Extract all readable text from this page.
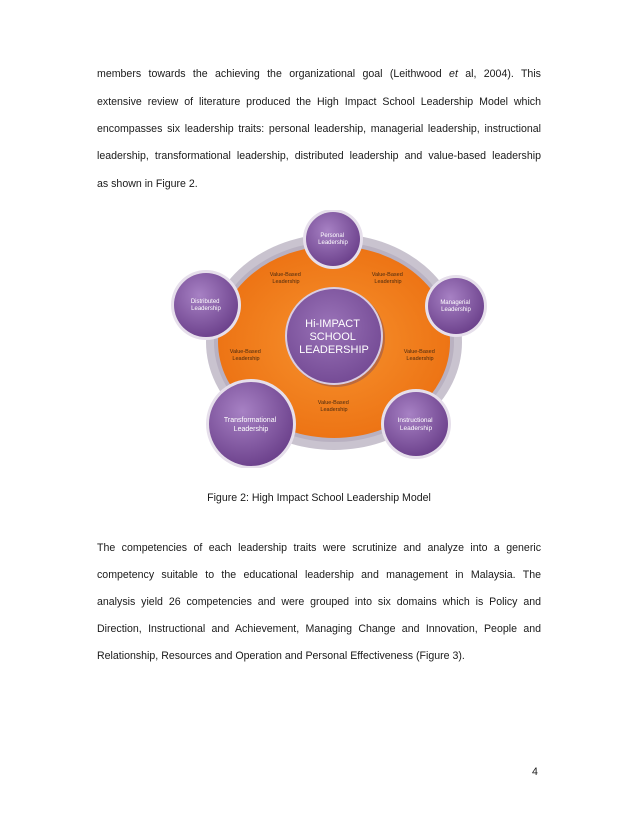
members towards the achieving the organizational goal (Leithwood et al, 2004). This
extensive review of literature produced the High Impact School Leadership Model which
encompasses six leadership traits: personal leadership, managerial leadership, instructional
leadership, transformational leadership, distributed leadership and value-based leadership
as shown in Figure 2.
Value-Based Leadership
Value-Based Leadership
Value-Based Leadership
Value-Based Leadership
Value-Based Leadership
Hi-IMPACT SCHOOL LEADERSHIP
Personal Leadership
Managerial Leadership
Instructional Leadership
Transformational Leadership
Distributed Leadership
Figure 2: High Impact School Leadership Model
The competencies of each leadership traits were scrutinize and analyze into a generic
competency suitable to the educational leadership and management in Malaysia. The
analysis yield 26 competencies and were grouped into six domains which is Policy and
Direction, Instructional and Achievement, Managing Change and Innovation, People and
Relationship, Resources and Operation and Personal Effectiveness (Figure 3).
4
